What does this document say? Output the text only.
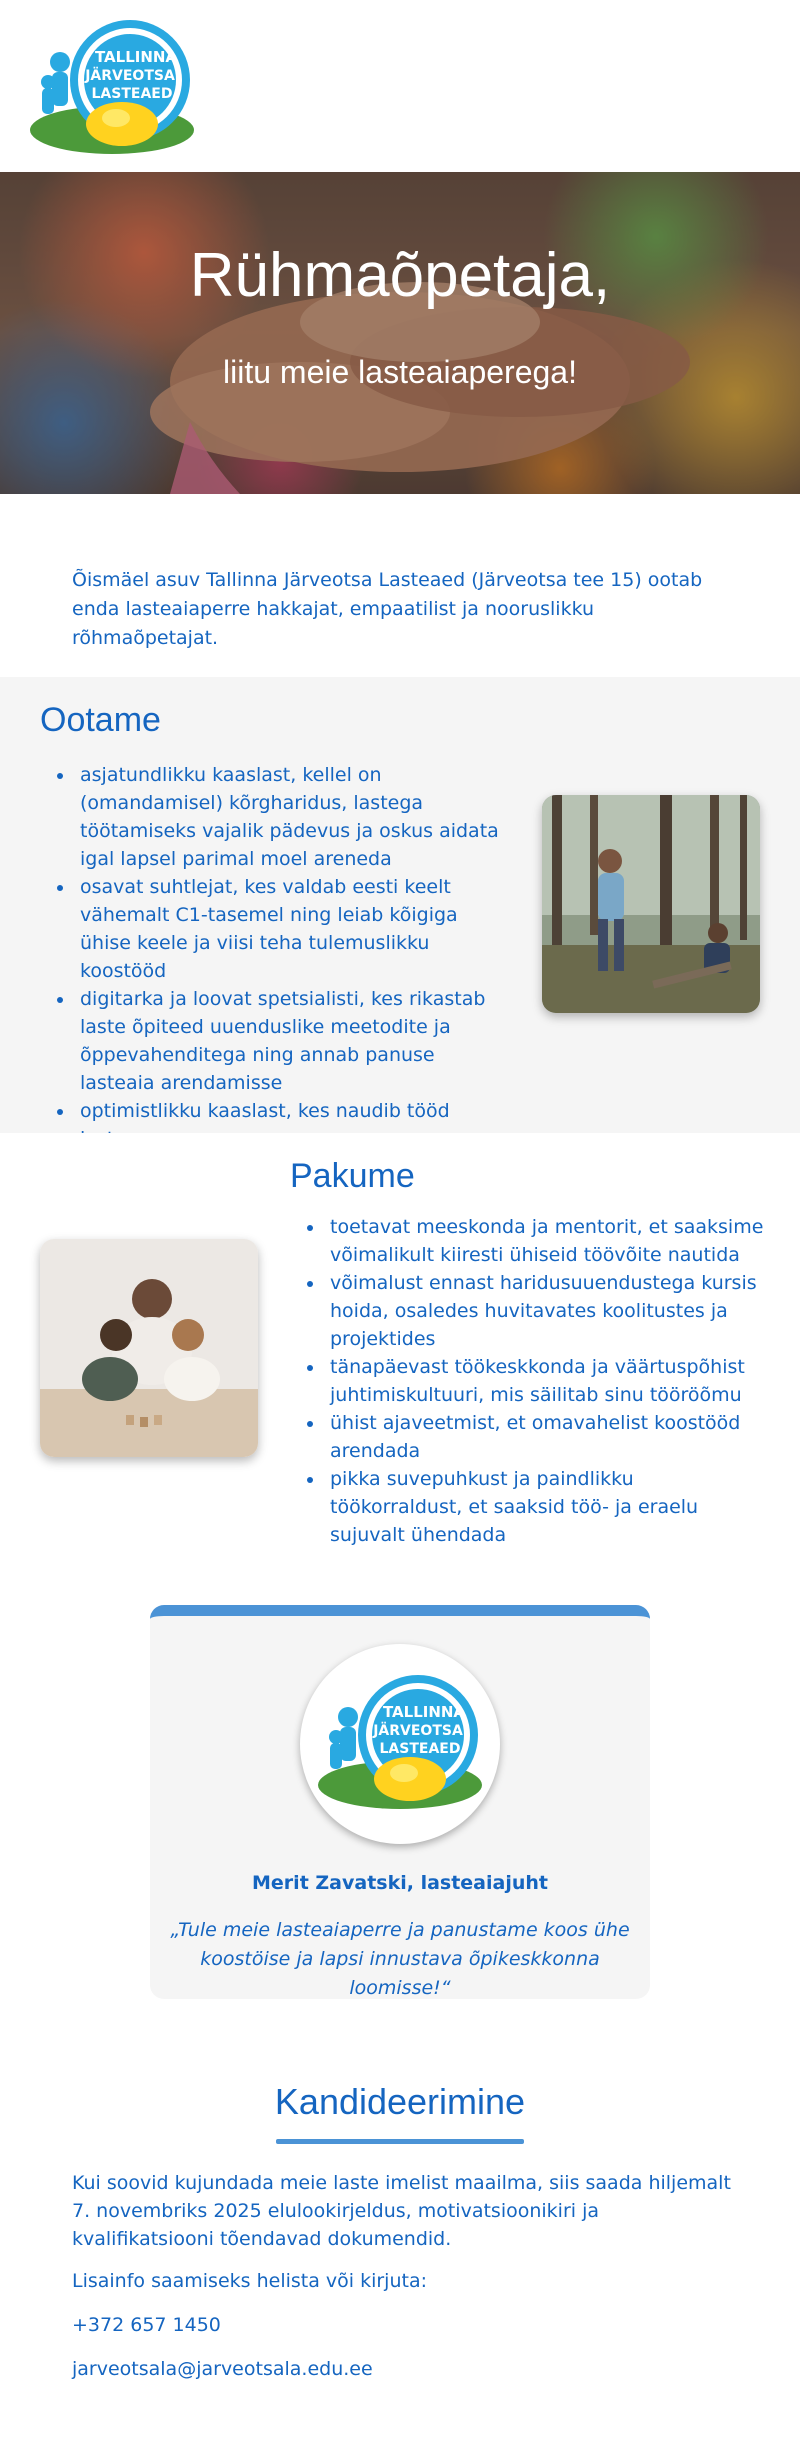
TALLINNA
JÄRVEOTSA
LASTEAED
Rühmaõpetaja,
liitu meie lasteaiaperega!
Õismäel asuv Tallinna Järveotsa Lasteaed (Järveotsa tee 15) ootab enda lasteaiaperre hakkajat, empaatilist ja nooruslikku rõhmaõpetajat.
Ootame
asjatundlikku kaaslast, kellel on (omandamisel) kõrgharidus, lastega töötamiseks vajalik pädevus ja oskus aidata igal lapsel parimal moel areneda
osavat suhtlejat, kes valdab eesti keelt vähemalt C1-tasemel ning leiab kõigiga ühise keele ja viisi teha tulemuslikku koostööd
digitarka ja loovat spetsialisti, kes rikastab laste õpiteed uuenduslike meetodite ja õppevahenditega ning annab panuse lasteaia arendamisse
optimistlikku kaaslast, kes naudib tööd
Pakume
toetavat meeskonda ja mentorit, et saaksime võimalikult kiiresti ühiseid töövõite nautida
võimalust ennast haridusuuendustega kursis hoida, osaledes huvitavates koolitustes ja projektides
tänapäevast töökeskkonda ja väärtuspõhist juhtimiskultuuri, mis säilitab sinu tööröõmu
ühist ajaveetmist, et omavahelist koostööd arendada
pikka suvepuhkust ja paindlikku töökorraldust, et saaksid töö- ja eraelu sujuvalt ühendada
TALLINNA
JÄRVEOTSA
LASTEAED
Merit Zavatski, lasteaiajuht
„Tule meie lasteaiaperre ja panustame koos ühe koostöise ja lapsi innustava õpikeskkonna loomisse!“
Kandideerimine

Kui soovid kujundada meie laste imelist maailma, siis saada hiljemalt 7. novembriks 2025 elulookirjeldus, motivatsioonikiri ja kvalifikatsiooni tõendavad dokumendid.

Lisainfo saamiseks helista või kirjuta:

+372 657 1450

jarveotsala@jarveotsala.edu.ee
